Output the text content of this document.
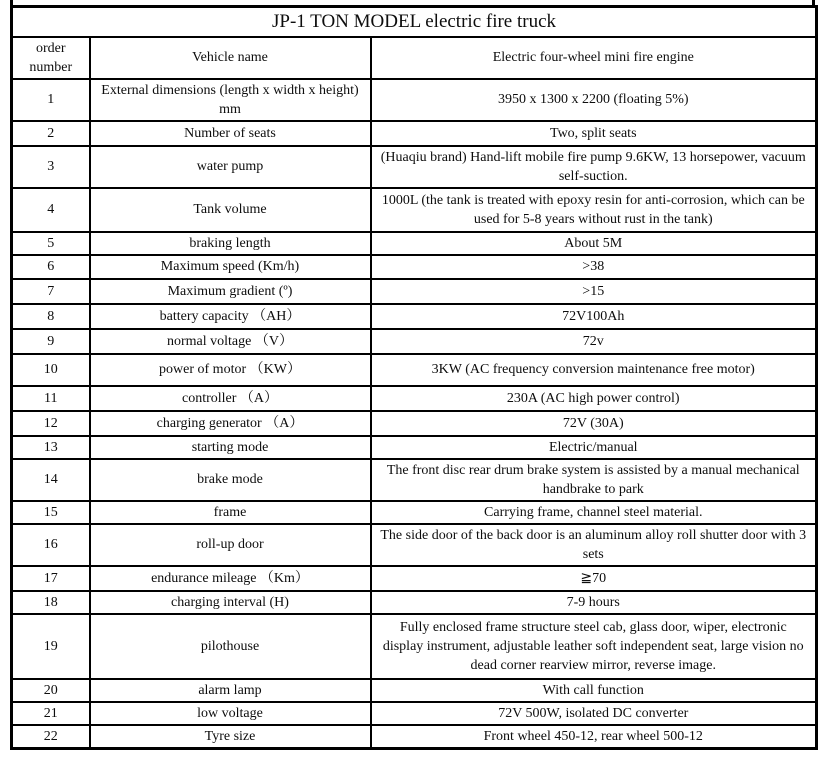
JP-1 TON MODEL electric fire truck		
order number	Vehicle name	Electric four-wheel mini fire engine
1	External dimensions (length x width x height) mm	3950 x 1300 x 2200 (floating 5%)
2	Number of seats	Two, split seats
3	water pump	(Huaqiu brand) Hand-lift mobile fire pump 9.6KW, 13 horsepower, vacuum self-suction.
4	Tank volume	1000L (the tank is treated with epoxy resin for anti-corrosion, which can be used for 5-8 years without rust in the tank)
5	braking length	About 5M
6	Maximum speed (Km/h)	>38
7	Maximum gradient (º)	>15
8	battery capacity （AH）	72V100Ah
9	normal voltage （V）	72v
10	power of motor （KW）	3KW (AC frequency conversion maintenance free motor)
11	controller （A）	230A (AC high power control)
12	charging generator （A）	72V (30A)
13	starting mode	Electric/manual
14	brake mode	The front disc rear drum brake system is assisted by a manual mechanical handbrake to park
15	frame	Carrying frame, channel steel material.
16	roll-up door	The side door of the back door is an aluminum alloy roll shutter door with 3 sets
17	endurance mileage （Km）	≧70
18	charging interval (H)	7-9 hours
19	pilothouse	Fully enclosed frame structure steel cab, glass door, wiper, electronic display instrument, adjustable leather soft independent seat, large vision no dead corner rearview mirror, reverse image.
20	alarm lamp	With call function
21	low voltage	72V 500W, isolated DC converter
22	Tyre size	Front wheel 450-12, rear wheel 500-12
